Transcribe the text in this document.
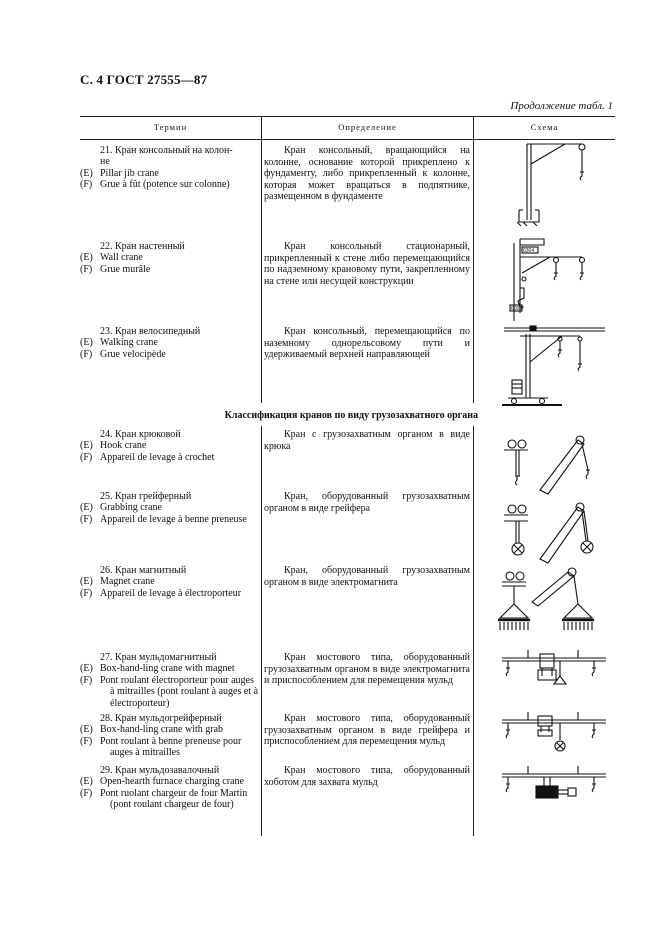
С. 4 ГОСТ 27555—87
Продолжение табл. 1
Термин	Определение	Схема
Классификация кранов по виду грузозахватного органа
21. Кран консольный на колон-
не
(E) Pillar jib crane
(F) Grue à fût (potence sur colonne)
Кран консольный, вращающийся на колонне, основание которой прикреплено к фундаменту, либо прикрепленный к колонне, которая может вращаться в подпятнике, размещенном в фундаменте
22. Кран настенный
(E) Wall crane
(F) Grue murâle
Кран консольный стационарный, прикрепленный к стене либо перемещающийся по надземному крановому пути, закрепленному на стене или несущей конструкции
23. Кран велосипедный
(E) Walking crane
(F) Grue velocipède
Кран консольный, перемещающийся по наземному однорельсовому пути и удерживаемый верхней направляющей
24. Кран крюковой
(E) Hook crane
(F) Appareil de levage à crochet
Кран с грузозахватным органом в виде крюка
25. Кран грейферный
(E) Grabbing crane
(F) Appareil de levage à benne preneuse
Кран, оборудованный грузозахватным органом в виде грейфера
26. Кран магнитный
(E) Magnet crane
(F) Appareil de levage à électroporteur
Кран, оборудованный грузозахватным органом в виде электромагнита
27. Кран мульдомагнитный
(E) Box-hand-ling crane with magnet
(F) Pont roulant électroporteur pour auges à mitrailles (pont roulant à auges et à électroporteur)
Кран мостового типа, оборудованный грузозахватным органом в виде электромагнита и приспособлением для перемещения мульд
28. Кран мульдогрейферный
(E) Box-hand-ling crane with grab
(F) Pont roulant à benne preneuse pour auges à mitrailles
Кран мостового типа, оборудованный грузозахватным органом в виде грейфера и приспособлением для перемещения мульд
29. Кран мульдозавалочный
(E) Open-hearth furnace charging crane
(F) Pont ruolant chargeur de four Martin (pont roulant chargeur de four)
Кран мостового типа, оборудованный хоботом для захвата мульд
6304
6004
